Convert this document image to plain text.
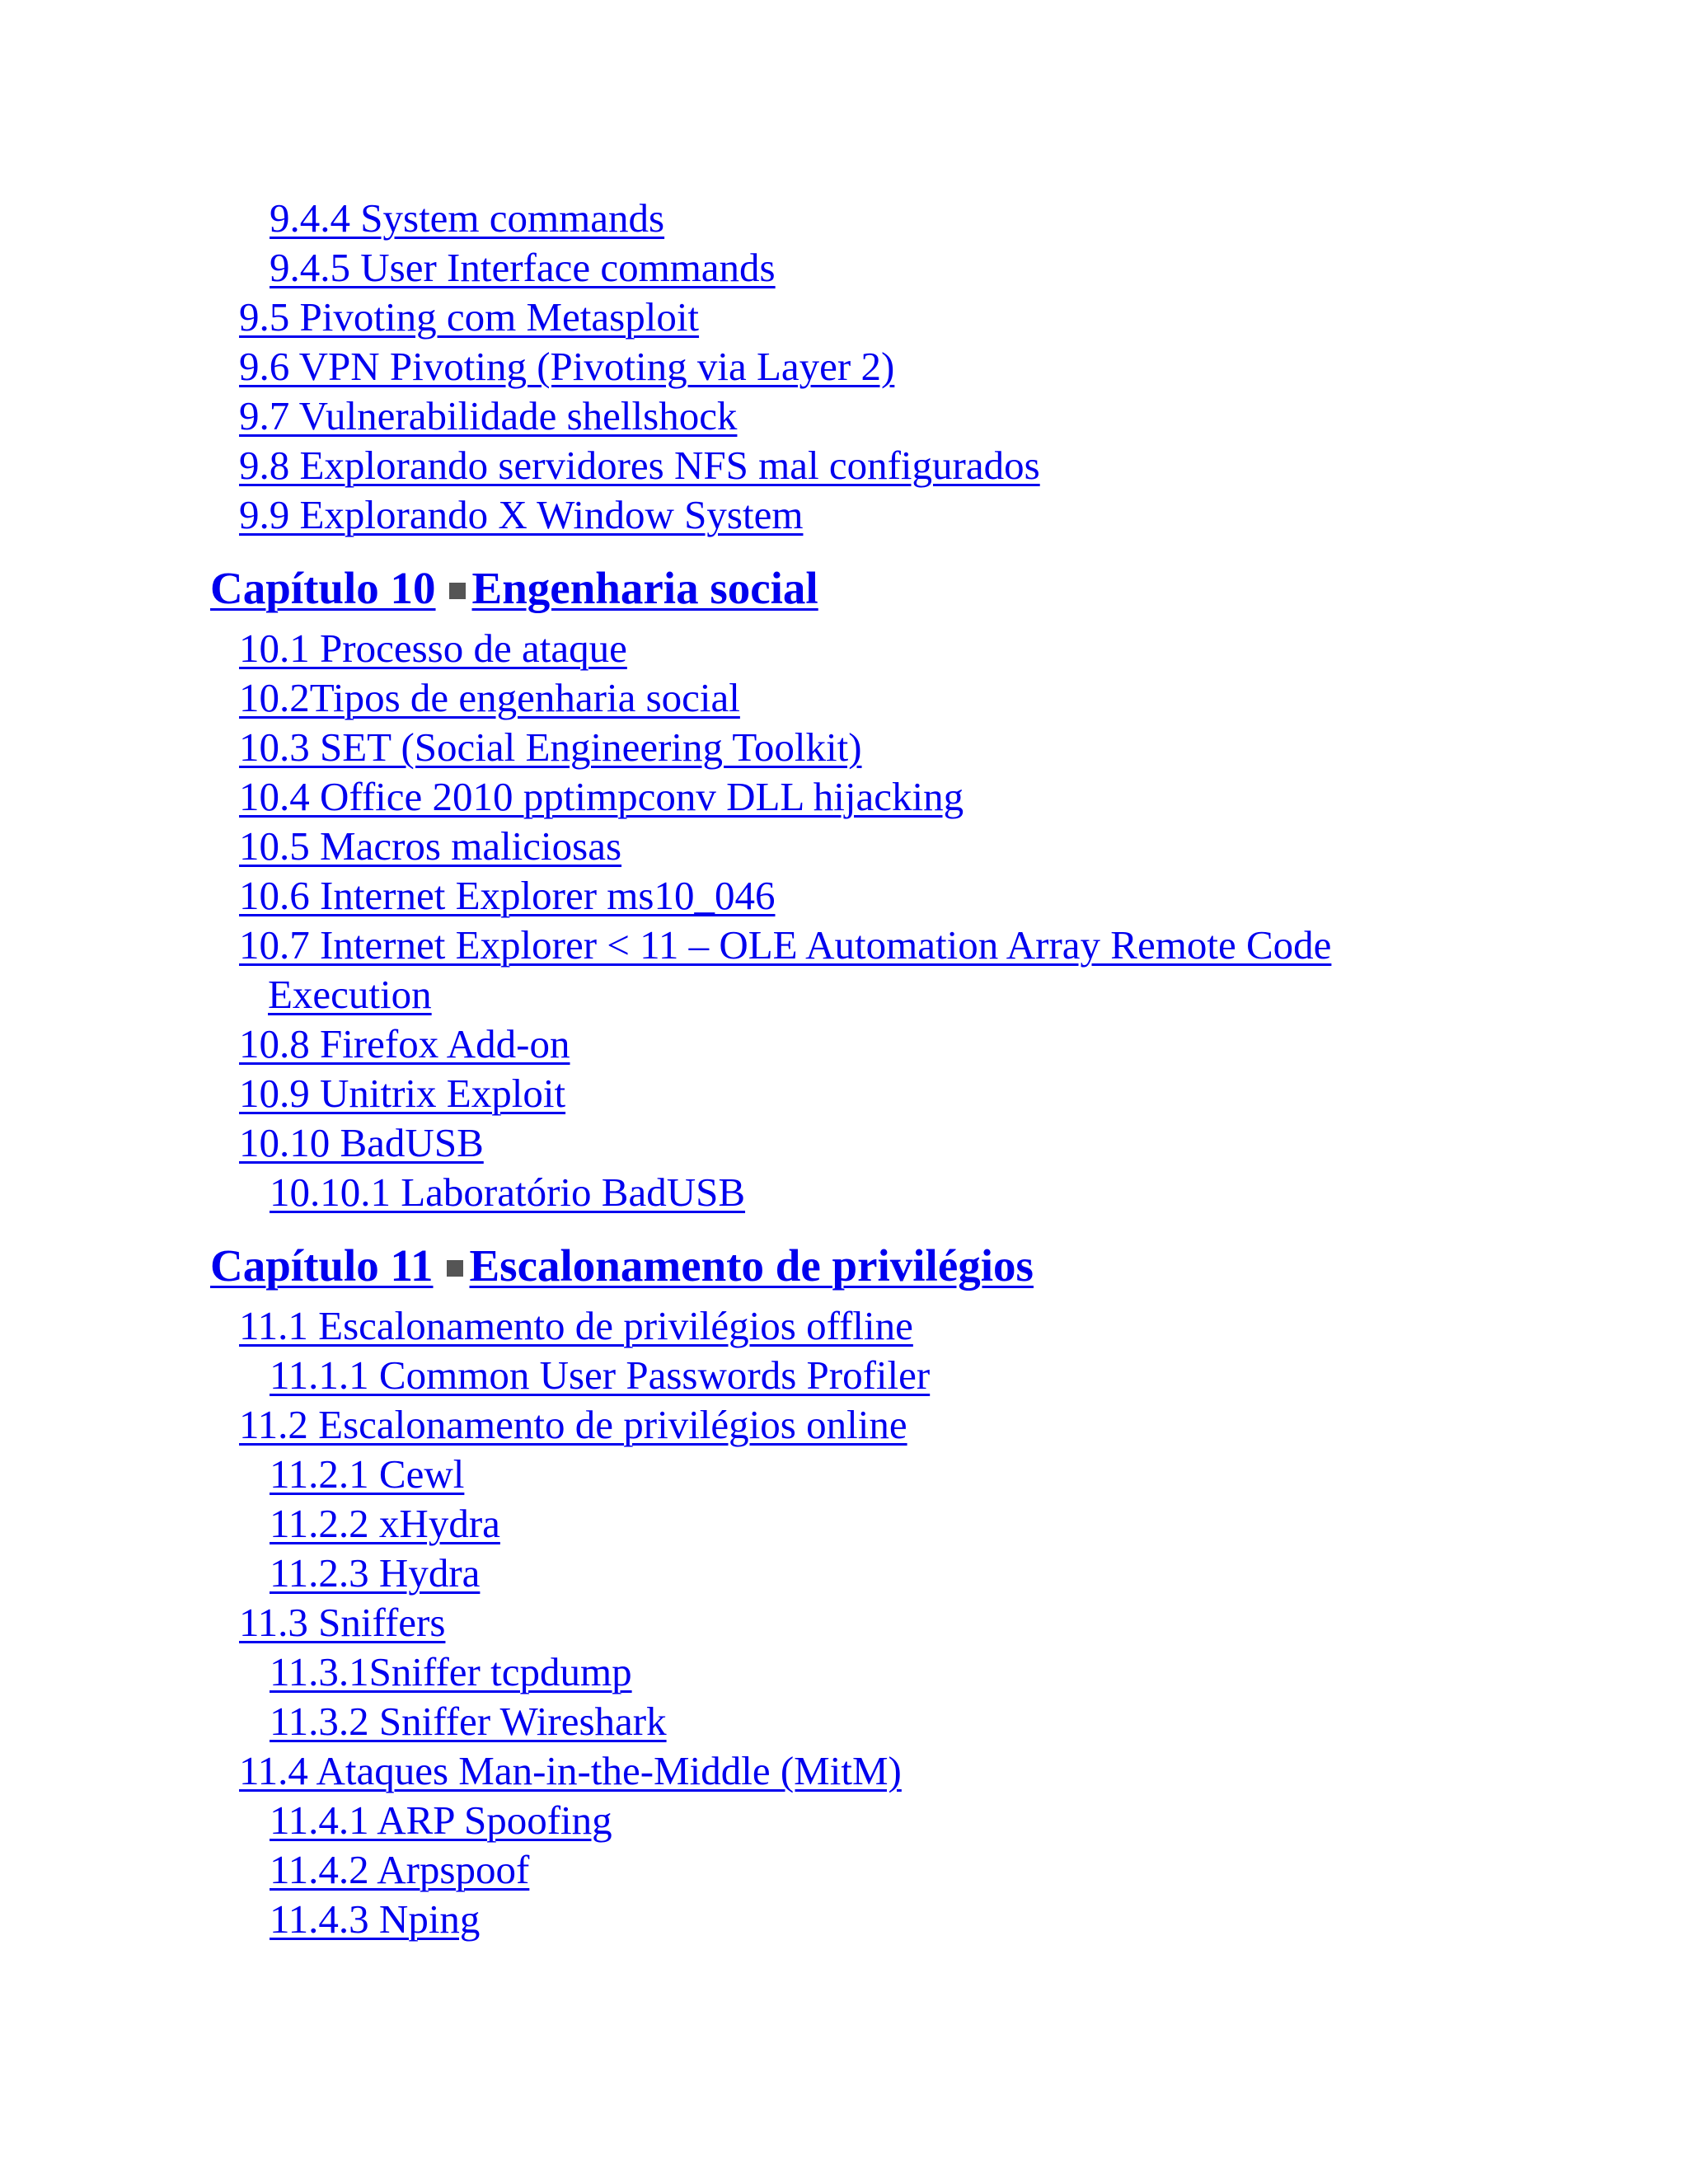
9.4.4 System commands
9.4.5 User Interface commands
9.5 Pivoting com Metasploit
9.6 VPN Pivoting (Pivoting via Layer 2)
9.7 Vulnerabilidade shellshock
9.8 Explorando servidores NFS mal configurados
9.9 Explorando X Window System
Capítulo 10 Engenharia social
10.1 Processo de ataque
10.2Tipos de engenharia social
10.3 SET (Social Engineering Toolkit)
10.4 Office 2010 pptimpconv DLL hijacking
10.5 Macros maliciosas
10.6 Internet Explorer ms10_046
10.7 Internet Explorer < 11 – OLE Automation Array Remote Code
Execution
10.8 Firefox Add-on
10.9 Unitrix Exploit
10.10 BadUSB
10.10.1 Laboratório BadUSB
Capítulo 11 Escalonamento de privilégios
11.1 Escalonamento de privilégios offline
11.1.1 Common User Passwords Profiler
11.2 Escalonamento de privilégios online
11.2.1 Cewl
11.2.2 xHydra
11.2.3 Hydra
11.3 Sniffers
11.3.1Sniffer tcpdump
11.3.2 Sniffer Wireshark
11.4 Ataques Man-in-the-Middle (MitM)
11.4.1 ARP Spoofing
11.4.2 Arpspoof
11.4.3 Nping
